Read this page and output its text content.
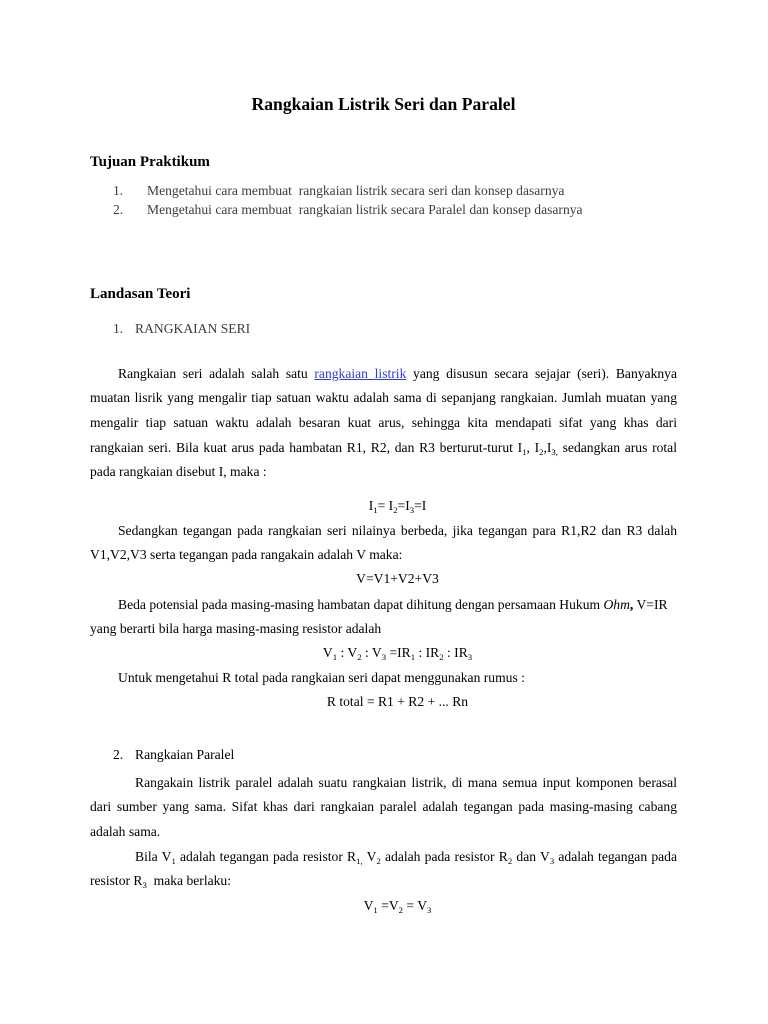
Rangkaian Listrik Seri dan Paralel
Tujuan Praktikum
1. Mengetahui cara membuat  rangkaian listrik secara seri dan konsep dasarnya
2. Mengetahui cara membuat  rangkaian listrik secara Paralel dan konsep dasarnya
Landasan Teori
1. RANGKAIAN SERI
Rangkaian seri adalah salah satu rangkaian listrik yang disusun secara sejajar (seri). Banyaknya
muatan lisrik yang mengalir tiap satuan waktu adalah sama di sepanjang rangkaian. Jumlah muatan yang
mengalir tiap satuan waktu adalah besaran kuat arus, sehingga kita mendapati sifat yang khas dari
rangkaian seri. Bila kuat arus pada hambatan R1, R2, dan R3 berturut-turut $I_1$, $I_2,I_{3,}$ sedangkan arus rotal
pada rangkaian disebut I, maka :
$I_1= I_2=I_3=I$
Sedangkan tegangan pada rangkaian seri nilainya berbeda, jika tegangan para R1,R2 dan R3 dalah
V1,V2,V3 serta tegangan pada rangakain adalah V maka:
V=V1+V2+V3
Beda potensial pada masing-masing hambatan dapat dihitung dengan persamaan Hukum Ohm, V=IR
yang berarti bila harga masing-masing resistor adalah
$V_1$ : $V_2$ : $V_3 =IR_1$ : $IR_2$ : $IR_3$
Untuk mengetahui R total pada rangkaian seri dapat menggunakan rumus :
R total = R1 + R2 + ... Rn
2. Rangkaian Paralel
Rangakain listrik paralel adalah suatu rangkaian listrik, di mana semua input komponen berasal
dari sumber yang sama. Sifat khas dari rangkaian paralel adalah tegangan pada masing-masing cabang
adalah sama.
Bila $V_1$ adalah tegangan pada resistor $R_{1,}$ $V_2$ adalah pada resistor $R_2$ dan $V_3$ adalah tegangan pada
resistor $R_3$  maka berlaku:
$V_1 =V_2 = V_3$
